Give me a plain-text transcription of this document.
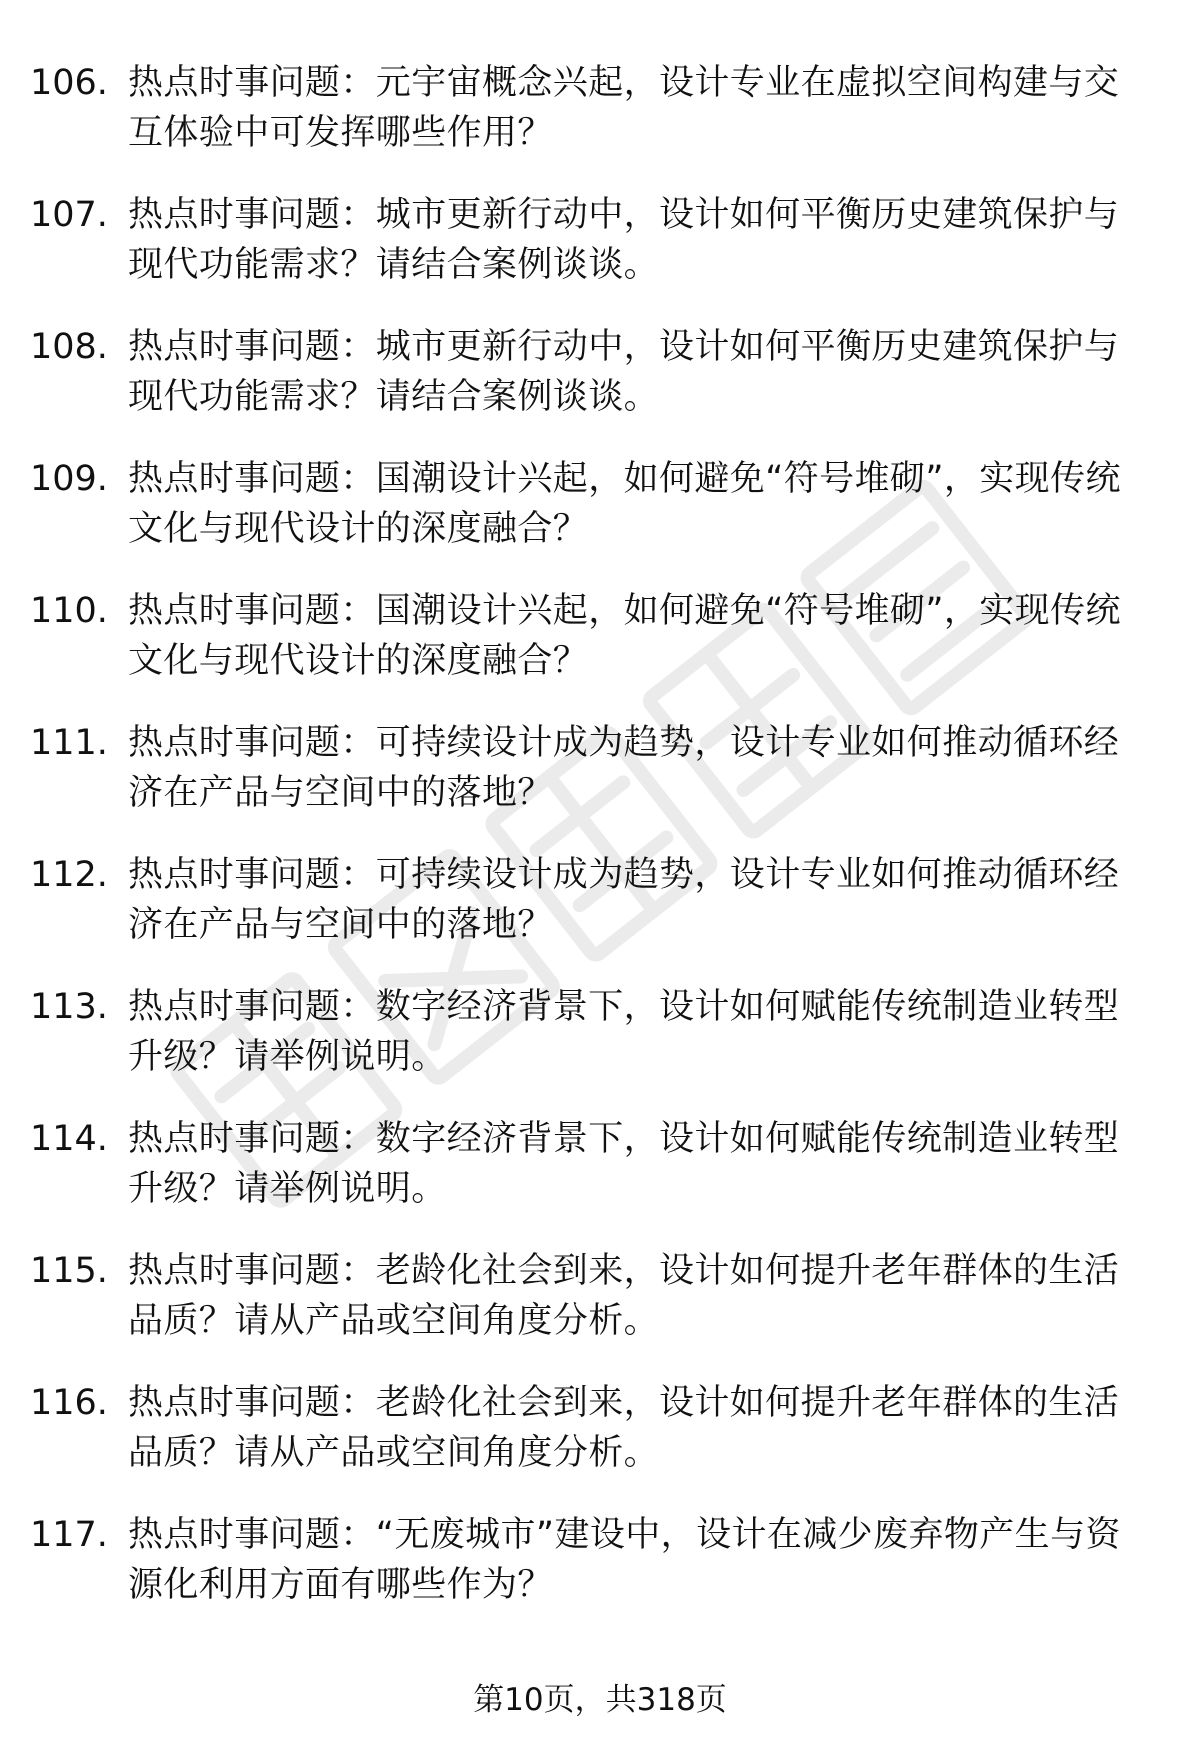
106. 热点时事问题：元宇宙概念兴起，设计专业在虚拟空间构建与交互体验中可发挥哪些作用？
107. 热点时事问题：城市更新行动中，设计如何平衡历史建筑保护与现代功能需求？请结合案例谈谈。
108. 热点时事问题：城市更新行动中，设计如何平衡历史建筑保护与现代功能需求？请结合案例谈谈。
109. 热点时事问题：国潮设计兴起，如何避免“符号堆砌”，实现传统文化与现代设计的深度融合？
110. 热点时事问题：国潮设计兴起，如何避免“符号堆砌”，实现传统文化与现代设计的深度融合？
111. 热点时事问题：可持续设计成为趋势，设计专业如何推动循环经济在产品与空间中的落地？
112. 热点时事问题：可持续设计成为趋势，设计专业如何推动循环经济在产品与空间中的落地？
113. 热点时事问题：数字经济背景下，设计如何赋能传统制造业转型升级？请举例说明。
114. 热点时事问题：数字经济背景下，设计如何赋能传统制造业转型升级？请举例说明。
115. 热点时事问题：老龄化社会到来，设计如何提升老年群体的生活品质？请从产品或空间角度分析。
116. 热点时事问题：老龄化社会到来，设计如何提升老年群体的生活品质？请从产品或空间角度分析。
117. 热点时事问题：“无废城市”建设中，设计在减少废弃物产生与资源化利用方面有哪些作为？
第10页，共318页
